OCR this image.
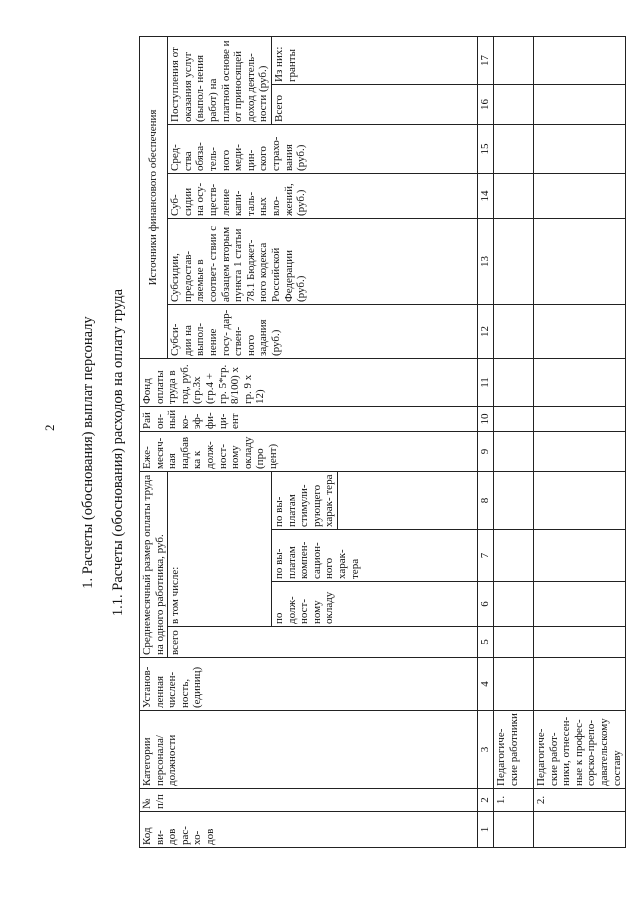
2 1. Расчеты (обоснования) выплат персоналу 1.1. Расчеты (обоснования) расходов на оплату труда
Код ви- дов рас- хо- дов	№ п/п	Категории персонала/ должности	Установ- ленная числен- ность, (единиц)	Среднемесячный размер оплаты труда на одного работника, руб.				Еже- месяч- ная надбав ка к долж- ност- ному окладу (про цент)	Рай он- ный ко- эф- фи- ци- ент	Фонд оплаты труда в год, руб. (гр.3х (гр.4 + гр. 5*гр. 8/100) х гр. 9 х 12)	Источники финансового обеспечения					
				всего	в том числе:						Субси- дии на выпол- нение госу- дар- ствен- ного задания (руб.)	Субсидии, предостав- ляемые в соответ- ствии с абзацем вторым пункта 1 статьи 78.1 Бюджет- ного кодекса Российской Федерации (руб.)	Суб- сидии на осу- ществ- ление капи- таль- ных вло- жений, (руб.)	Сред- ства обяза- тель- ного меди- цин- ского страхо- вания (руб.)	Поступления от оказания услуг (выпол- нения работ) на платной основе и от приносящей доход деятель- ности (руб.)	
					по долж- ност- ному окладу	по вы- платам компен- сацион- ного харак- тера	по вы- платам стимули- рующего харак- тера								Всего	Из них: гранты

1	2	3	4	5	6	7	8	9	10	11	12	13	14	15	16	17
	1.	Педагогиче- ские работники														
	2.	Педагогиче- ские работ- ники, отнесен- ные к профес- сорско-препо- давательскому составу														
